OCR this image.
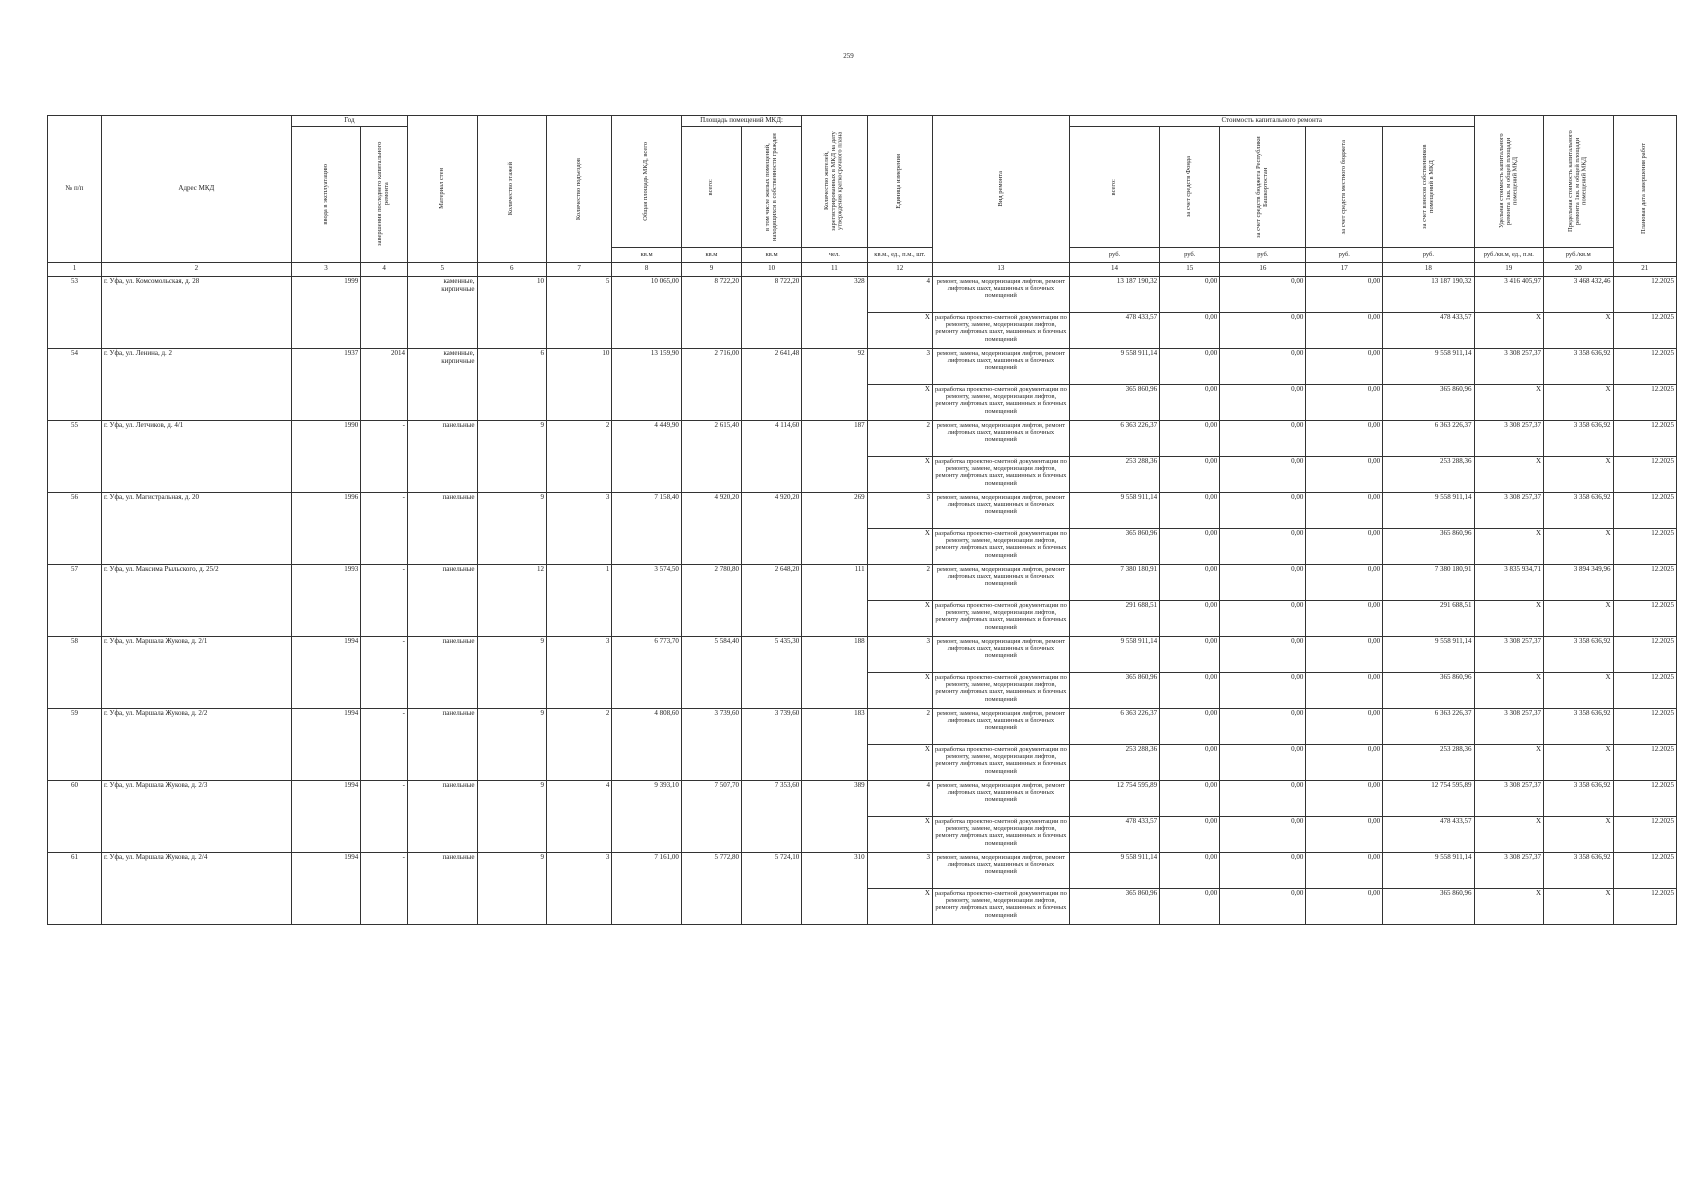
259
№ п/п	Адрес МКД	Год		Материал стен	Количество этажей	Количество подъездов	Общая площадь МКД, всего	Площадь помещений МКД:		Количество жителей, зарегистрированных в МКД на дату утверждения краткосрочного плана	Единица измерения	Вид ремонта	Стоимость капитального ремонта					Удельная стоимость капитального ремонта 1кв. м общей площади помещений МКД	Предельная стоимость капитального ремонта 1кв. м общей площади помещений МКД	Плановая дата завершения работ

		ввода в эксплуатацию	завершения последнего капитального ремонта					всего:	в том числе жилых помещений, находящихся в собственности граждан				всего:	за счет средств Фонда	за счет средств бюджета Республики Башкортостан	за счет средств местного бюджета	за счет взносов собственников помещений в МКД			

							кв.м	кв.м	кв.м	чел.	кв.м., ед., п.м., шт.		руб.	руб.	руб.	руб.	руб.	руб./кв.м, ед., п.м.	руб./кв.м	
1	2	3	4	5	6	7	8	9	10	11	12	13	14	15	16	17	18	19	20	21
53	г. Уфа, ул. Комсомольская, д. 28	1999		каменные, кирпичные	10	5	10 065,00	8 722,20	8 722,20	328	4	ремонт, замена, модернизация лифтов, ремонт лифтовых шахт, машинных и блочных помещений	13 187 190,32	0,00	0,00	0,00	13 187 190,32	3 416 405,97	3 468 432,46	12.2025
											X	разработка проектно-сметной документации по ремонту, замене, модернизации лифтов, ремонту лифтовых шахт, машинных и блочных помещений	478 433,57	0,00	0,00	0,00	478 433,57	X	X	12.2025
54	г. Уфа, ул. Ленина, д. 2	1937	2014	каменные, кирпичные	6	10	13 159,90	2 716,00	2 641,48	92	3	ремонт, замена, модернизация лифтов, ремонт лифтовых шахт, машинных и блочных помещений	9 558 911,14	0,00	0,00	0,00	9 558 911,14	3 308 257,37	3 358 636,92	12.2025
											X	разработка проектно-сметной документации по ремонту, замене, модернизации лифтов, ремонту лифтовых шахт, машинных и блочных помещений	365 860,96	0,00	0,00	0,00	365 860,96	X	X	12.2025
55	г. Уфа, ул. Летчиков, д. 4/1	1990	-	панельные	9	2	4 449,90	2 615,40	4 114,60	187	2	ремонт, замена, модернизация лифтов, ремонт лифтовых шахт, машинных и блочных помещений	6 363 226,37	0,00	0,00	0,00	6 363 226,37	3 308 257,37	3 358 636,92	12.2025
											X	разработка проектно-сметной документации по ремонту, замене, модернизации лифтов, ремонту лифтовых шахт, машинных и блочных помещений	253 288,36	0,00	0,00	0,00	253 288,36	X	X	12.2025
56	г. Уфа, ул. Магистральная, д. 20	1996	-	панельные	9	3	7 158,40	4 920,20	4 920,20	269	3	ремонт, замена, модернизация лифтов, ремонт лифтовых шахт, машинных и блочных помещений	9 558 911,14	0,00	0,00	0,00	9 558 911,14	3 308 257,37	3 358 636,92	12.2025
											X	разработка проектно-сметной документации по ремонту, замене, модернизации лифтов, ремонту лифтовых шахт, машинных и блочных помещений	365 860,96	0,00	0,00	0,00	365 860,96	X	X	12.2025
57	г. Уфа, ул. Максима Рыльского, д. 25/2	1993	-	панельные	12	1	3 574,50	2 780,80	2 648,20	111	2	ремонт, замена, модернизация лифтов, ремонт лифтовых шахт, машинных и блочных помещений	7 380 180,91	0,00	0,00	0,00	7 380 180,91	3 835 934,71	3 894 349,96	12.2025
											X	разработка проектно-сметной документации по ремонту, замене, модернизации лифтов, ремонту лифтовых шахт, машинных и блочных помещений	291 688,51	0,00	0,00	0,00	291 688,51	X	X	12.2025
58	г. Уфа, ул. Маршала Жукова, д. 2/1	1994	-	панельные	9	3	6 773,70	5 584,40	5 435,30	188	3	ремонт, замена, модернизация лифтов, ремонт лифтовых шахт, машинных и блочных помещений	9 558 911,14	0,00	0,00	0,00	9 558 911,14	3 308 257,37	3 358 636,92	12.2025
											X	разработка проектно-сметной документации по ремонту, замене, модернизации лифтов, ремонту лифтовых шахт, машинных и блочных помещений	365 860,96	0,00	0,00	0,00	365 860,96	X	X	12.2025
59	г. Уфа, ул. Маршала Жукова, д. 2/2	1994	-	панельные	9	2	4 808,60	3 739,60	3 739,60	183	2	ремонт, замена, модернизация лифтов, ремонт лифтовых шахт, машинных и блочных помещений	6 363 226,37	0,00	0,00	0,00	6 363 226,37	3 308 257,37	3 358 636,92	12.2025
											X	разработка проектно-сметной документации по ремонту, замене, модернизации лифтов, ремонту лифтовых шахт, машинных и блочных помещений	253 288,36	0,00	0,00	0,00	253 288,36	X	X	12.2025
60	г. Уфа, ул. Маршала Жукова, д. 2/3	1994	-	панельные	9	4	9 393,10	7 507,70	7 353,60	389	4	ремонт, замена, модернизация лифтов, ремонт лифтовых шахт, машинных и блочных помещений	12 754 595,89	0,00	0,00	0,00	12 754 595,89	3 308 257,37	3 358 636,92	12.2025
											X	разработка проектно-сметной документации по ремонту, замене, модернизации лифтов, ремонту лифтовых шахт, машинных и блочных помещений	478 433,57	0,00	0,00	0,00	478 433,57	X	X	12.2025
61	г. Уфа, ул. Маршала Жукова, д. 2/4	1994	-	панельные	9	3	7 161,00	5 772,80	5 724,10	310	3	ремонт, замена, модернизация лифтов, ремонт лифтовых шахт, машинных и блочных помещений	9 558 911,14	0,00	0,00	0,00	9 558 911,14	3 308 257,37	3 358 636,92	12.2025
											X	разработка проектно-сметной документации по ремонту, замене, модернизации лифтов, ремонту лифтовых шахт, машинных и блочных помещений	365 860,96	0,00	0,00	0,00	365 860,96	X	X	12.2025
